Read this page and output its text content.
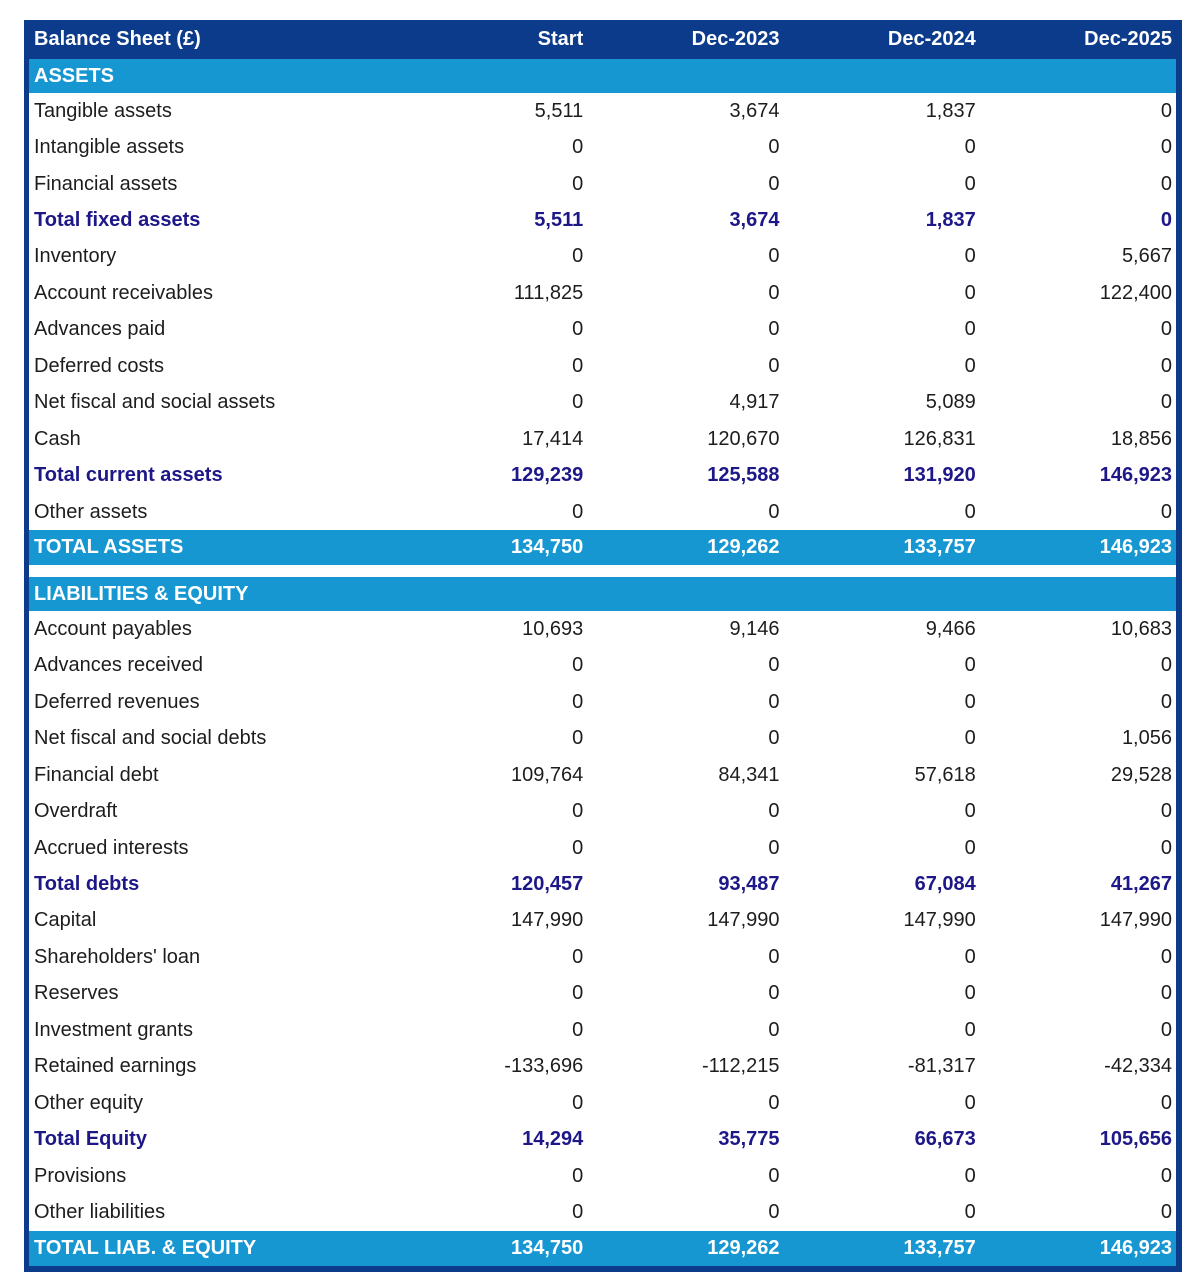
Balance Sheet (£)	Start	Dec-2023	Dec-2024	Dec-2025
ASSETS
Tangible assets	5,511	3,674	1,837	0
Intangible assets	0	0	0	0
Financial assets	0	0	0	0
Total fixed assets	5,511	3,674	1,837	0
Inventory	0	0	0	5,667
Account receivables	111,825	0	0	122,400
Advances paid	0	0	0	0
Deferred costs	0	0	0	0
Net fiscal and social assets	0	4,917	5,089	0
Cash	17,414	120,670	126,831	18,856
Total current assets	129,239	125,588	131,920	146,923
Other assets	0	0	0	0
TOTAL ASSETS	134,750	129,262	133,757	146,923
LIABILITIES & EQUITY
Account payables	10,693	9,146	9,466	10,683
Advances received	0	0	0	0
Deferred revenues	0	0	0	0
Net fiscal and social debts	0	0	0	1,056
Financial debt	109,764	84,341	57,618	29,528
Overdraft	0	0	0	0
Accrued interests	0	0	0	0
Total debts	120,457	93,487	67,084	41,267
Capital	147,990	147,990	147,990	147,990
Shareholders' loan	0	0	0	0
Reserves	0	0	0	0
Investment grants	0	0	0	0
Retained earnings	-133,696	-112,215	-81,317	-42,334
Other equity	0	0	0	0
Total Equity	14,294	35,775	66,673	105,656
Provisions	0	0	0	0
Other liabilities	0	0	0	0
TOTAL LIAB. & EQUITY	134,750	129,262	133,757	146,923
